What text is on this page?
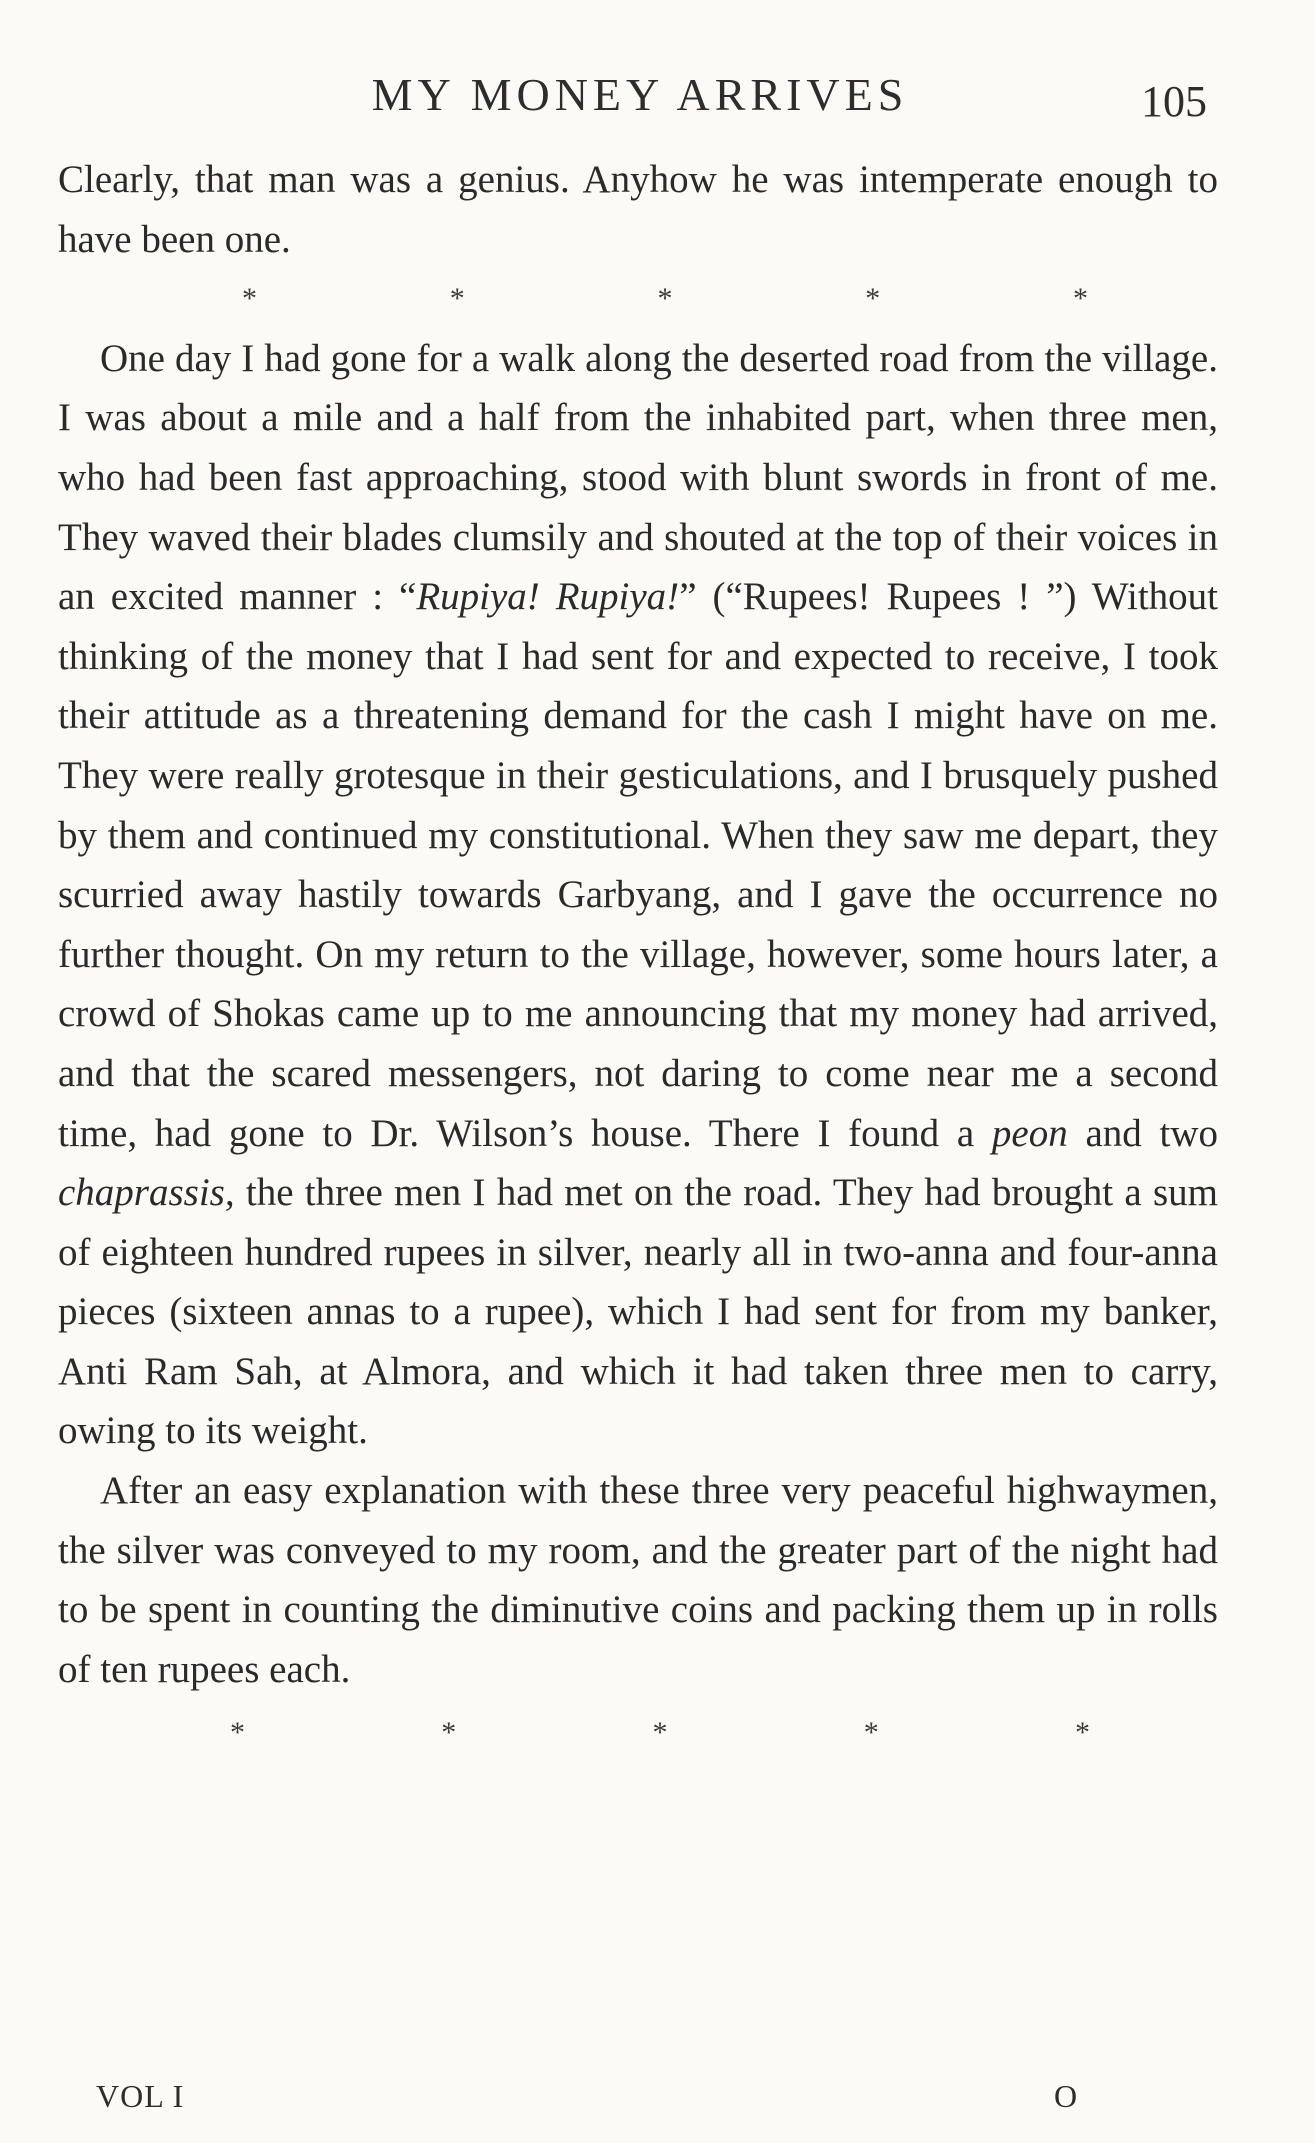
MY MONEY ARRIVES	105

Clearly, that man was a genius. Anyhow he was intemperate enough to have been one.

*	*	*	*	*

One day I had gone for a walk along the deserted road from the village. I was about a mile and a half from the inhabited part, when three men, who had been fast approaching, stood with blunt swords in front of me. They waved their blades clumsily and shouted at the top of their voices in an excited manner : “Rupiya! Rupiya!” (“Rupees! Rupees ! ”) Without thinking of the money that I had sent for and expected to receive, I took their attitude as a threatening demand for the cash I might have on me. They were really grotesque in their gesticulations, and I brusquely pushed by them and continued my constitutional. When they saw me depart, they scurried away hastily towards Garbyang, and I gave the occurrence no further thought. On my return to the village, however, some hours later, a crowd of Shokas came up to me announcing that my money had arrived, and that the scared messengers, not daring to come near me a second time, had gone to Dr. Wilson’s house. There I found a peon and two chaprassis, the three men I had met on the road. They had brought a sum of eighteen hundred rupees in silver, nearly all in two-anna and four-anna pieces (sixteen annas to a rupee), which I had sent for from my banker, Anti Ram Sah, at Almora, and which it had taken three men to carry, owing to its weight.

After an easy explanation with these three very peaceful highwaymen, the silver was conveyed to my room, and the greater part of the night had to be spent in counting the diminutive coins and packing them up in rolls of ten rupees each.

*	*	*	*	*
VOL I	O
